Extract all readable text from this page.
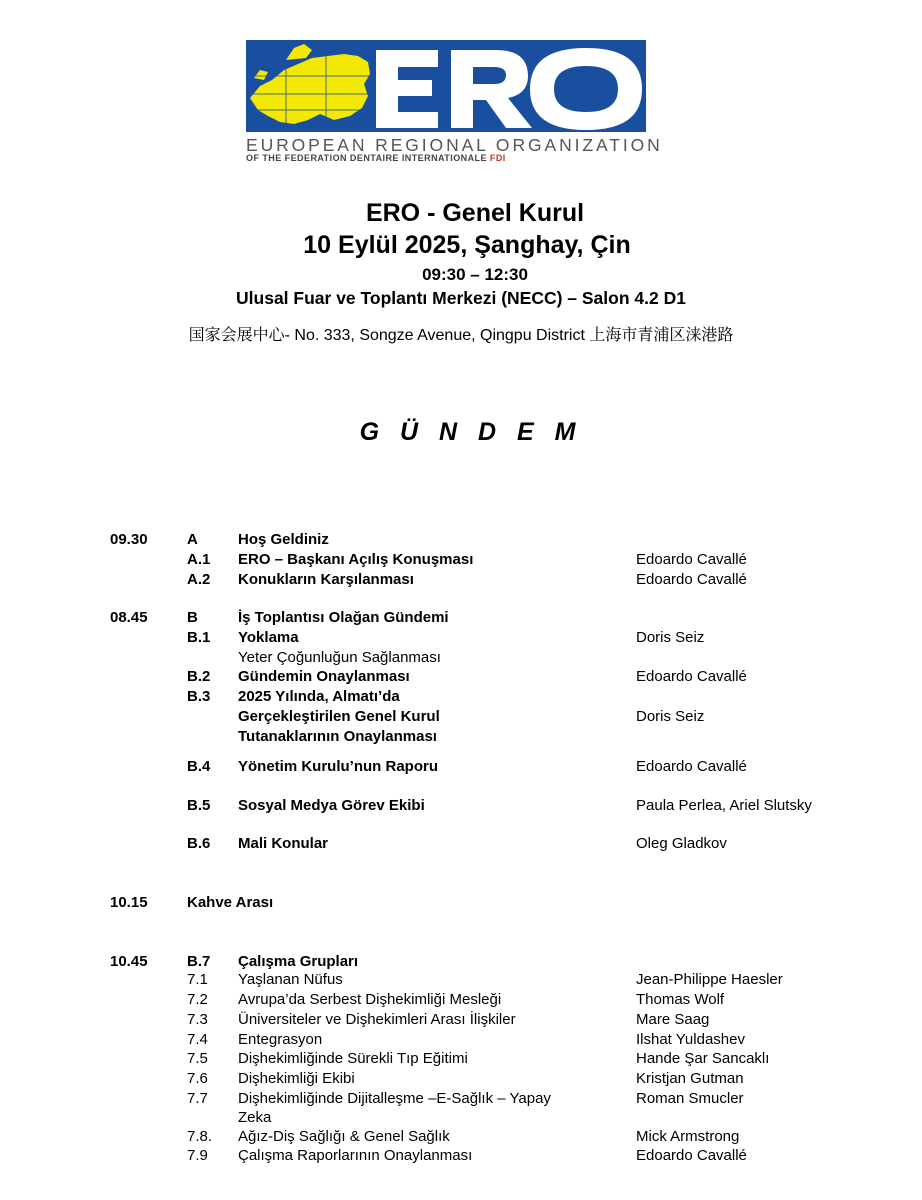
EUROPEAN REGIONAL ORGANIZATION
OF THE FEDERATION DENTAIRE INTERNATIONALE FDI
ERO - Genel Kurul
10 Eylül 2025, Şanghay, Çin
09:30 – 12:30
Ulusal Fuar ve Toplantı Merkezi (NECC) – Salon 4.2 D1
国家会展中心- No. 333, Songze Avenue, Qingpu District 上海市青浦区涞港路
G Ü N D E M
09.30	A	Hoş Geldiniz
A.1 ERO – Başkanı Açılış Konuşması	Edoardo Cavallé
A.2 Konukların Karşılanması	Edoardo Cavallé
08.45	B	İş Toplantısı Olağan Gündemi
B.1 Yoklama	Doris Seiz
Yeter Çoğunluğun Sağlanması
B.2 Gündemin Onaylanması	Edoardo Cavallé
B.3 2025 Yılında, Almatı’da
Gerçekleştirilen Genel Kurul	Doris Seiz
Tutanaklarının Onaylanması
B.4 Yönetim Kurulu’nun Raporu	Edoardo Cavallé
B.5 Sosyal Medya Görev Ekibi	Paula Perlea, Ariel Slutsky
B.6 Mali Konular	Oleg Gladkov
10.15	Kahve Arası
10.45	B.7 Çalışma Grupları
7.1 Yaşlanan Nüfus	Jean-Philippe Haesler
7.2 Avrupa’da Serbest Dişhekimliği Mesleği	Thomas Wolf
7.3 Üniversiteler ve Dişhekimleri Arası İlişkiler	Mare Saag
7.4 Entegrasyon	Ilshat Yuldashev
7.5 Dişhekimliğinde Sürekli Tıp Eğitimi	Hande Şar Sancaklı
7.6 Dişhekimliği Ekibi	Kristjan Gutman
7.7 Dişhekimliğinde Dijitalleşme –E-Sağlık – Yapay	Roman Smucler
Zeka
7.8. Ağız-Diş Sağlığı & Genel Sağlık	Mick Armstrong
7.9 Çalışma Raporlarının Onaylanması	Edoardo Cavallé
